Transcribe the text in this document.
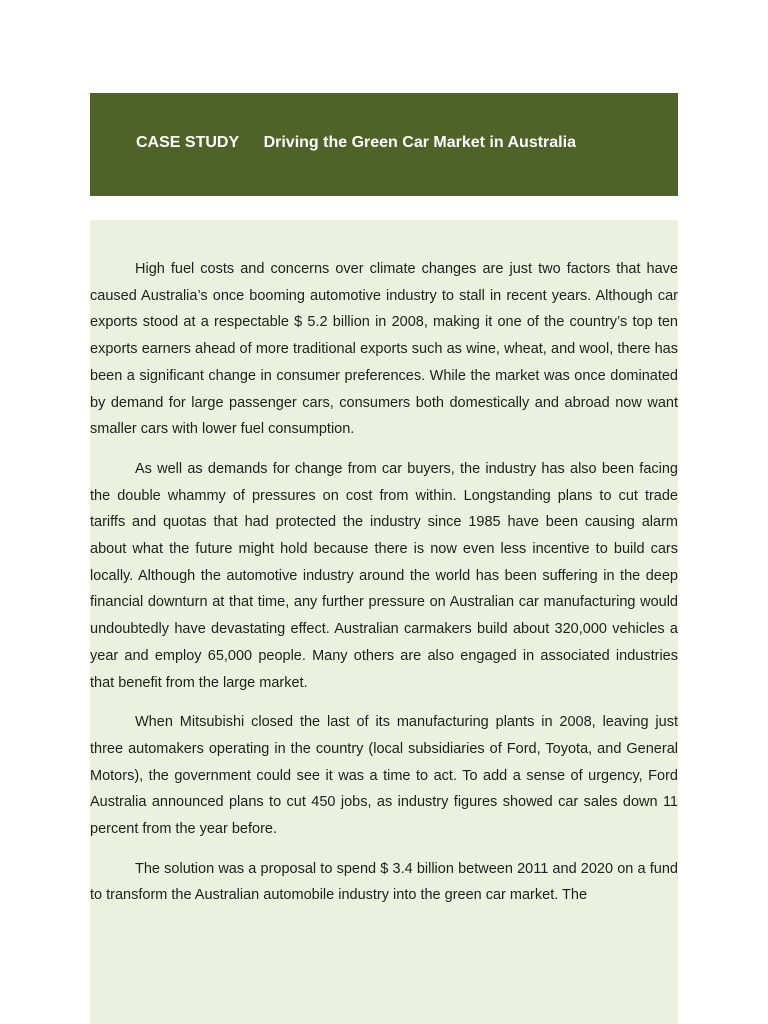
CASE STUDY Driving the Green Car Market in Australia

High fuel costs and concerns over climate changes are just two factors that have caused Australia’s once booming automotive industry to stall in recent years. Although car exports stood at a respectable $ 5.2 billion in 2008, making it one of the country’s top ten exports earners ahead of more traditional exports such as wine, wheat, and wool, there has been a significant change in consumer preferences. While the market was once dominated by demand for large passenger cars, consumers both domestically and abroad now want smaller cars with lower fuel consumption.

As well as demands for change from car buyers, the industry has also been facing the double whammy of pressures on cost from within. Longstanding plans to cut trade tariffs and quotas that had protected the industry since 1985 have been causing alarm about what the future might hold because there is now even less incentive to build cars locally. Although the automotive industry around the world has been suffering in the deep financial downturn at that time, any further pressure on Australian car manufacturing would undoubtedly have devastating effect. Australian carmakers build about 320,000 vehicles a year and employ 65,000 people. Many others are also engaged in associated industries that benefit from the large market.

When Mitsubishi closed the last of its manufacturing plants in 2008, leaving just three automakers operating in the country (local subsidiaries of Ford, Toyota, and General Motors), the government could see it was a time to act. To add a sense of urgency, Ford Australia announced plans to cut 450 jobs, as industry figures showed car sales down 11 percent from the year before.

The solution was a proposal to spend $ 3.4 billion between 2011 and 2020 on a fund to transform the Australian automobile industry into the green car market. The
